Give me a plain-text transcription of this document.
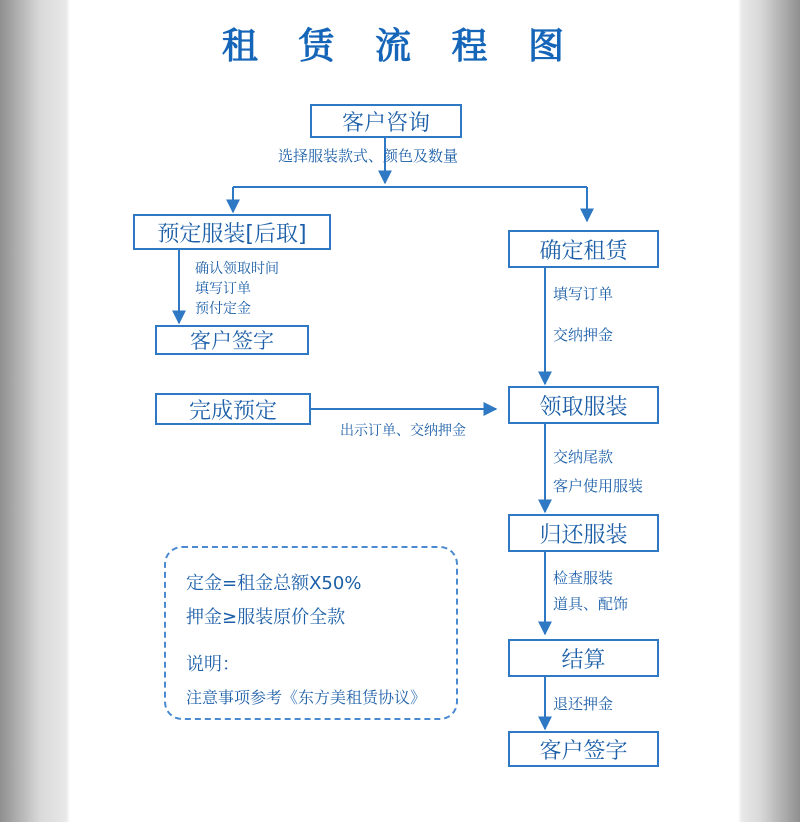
租 赁 流 程 图
客户咨询
预定服装[后取]
客户签字
完成预定
确定租赁
领取服装
归还服装
结算
客户签字
选择服装款式、颜色及数量
确认领取时间
填写订单
预付定金
填写订单
交纳押金
出示订单、交纳押金
交纳尾款
客户使用服装
检查服装
道具、配饰
退还押金
定金=租金总额X50%
押金≥服装原价全款
说明：
注意事项参考《东方美租赁协议》
